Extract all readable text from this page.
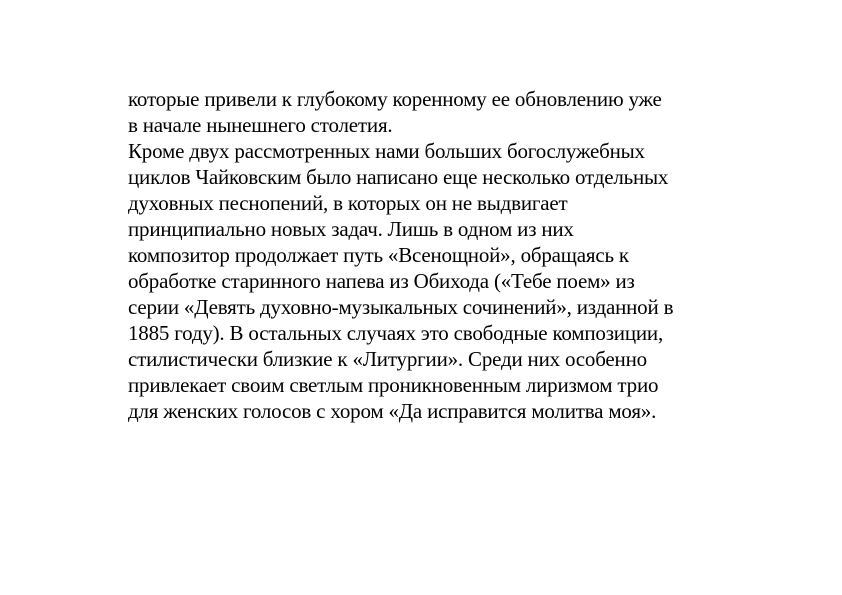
которые привели к глубокому коренному ее обновлению уже
в начале нынешнего столетия.
Кроме двух рассмотренных нами больших богослужебных
циклов Чайковским было написано еще несколько отдельных
духовных песнопений, в которых он не выдвигает
принципиально новых задач. Лишь в одном из них
композитор продолжает путь «Всенощной», обращаясь к
обработке старинного напева из Обихода («Тебе поем» из
серии «Девять духовно-музыкальных сочинений», изданной в
1885 году). В остальных случаях это свободные композиции,
стилистически близкие к «Литургии». Среди них особенно
привлекает своим светлым проникновенным лиризмом трио
для женских голосов с хором «Да исправится молитва моя».
